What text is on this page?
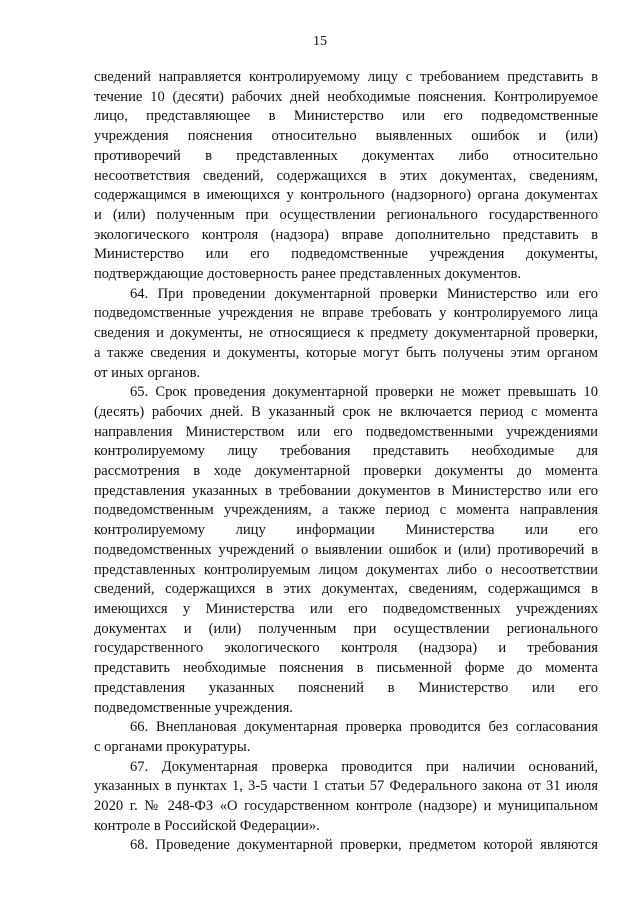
15
сведений направляется контролируемому лицу с требованием представить в
течение 10 (десяти) рабочих дней необходимые пояснения. Контролируемое
лицо, представляющее в Министерство или его подведомственные
учреждения пояснения относительно выявленных ошибок и (или)
противоречий в представленных документах либо относительно
несоответствия сведений, содержащихся в этих документах, сведениям,
содержащимся в имеющихся у контрольного (надзорного) органа документах
и (или) полученным при осуществлении регионального государственного
экологического контроля (надзора) вправе дополнительно представить в
Министерство или его подведомственные учреждения документы,
подтверждающие достоверность ранее представленных документов.
64. При проведении документарной проверки Министерство или его
подведомственные учреждения не вправе требовать у контролируемого лица
сведения и документы, не относящиеся к предмету документарной проверки,
а также сведения и документы, которые могут быть получены этим органом
от иных органов.
65. Срок проведения документарной проверки не может превышать 10
(десять) рабочих дней. В указанный срок не включается период с момента
направления Министерством или его подведомственными учреждениями
контролируемому лицу требования представить необходимые для
рассмотрения в ходе документарной проверки документы до момента
представления указанных в требовании документов в Министерство или его
подведомственным учреждениям, а также период с момента направления
контролируемому лицу информации Министерства или его
подведомственных учреждений о выявлении ошибок и (или) противоречий в
представленных контролируемым лицом документах либо о несоответствии
сведений, содержащихся в этих документах, сведениям, содержащимся в
имеющихся у Министерства или его подведомственных учреждениях
документах и (или) полученным при осуществлении регионального
государственного экологического контроля (надзора) и требования
представить необходимые пояснения в письменной форме до момента
представления указанных пояснений в Министерство или его
подведомственные учреждения.
66. Внеплановая документарная проверка проводится без согласования
с органами прокуратуры.
67. Документарная проверка проводится при наличии оснований,
указанных в пунктах 1, 3-5 части 1 статьи 57 Федерального закона от 31 июля
2020 г. № 248-ФЗ «О государственном контроле (надзоре) и муниципальном
контроле в Российской Федерации».
68. Проведение документарной проверки, предметом которой являются
